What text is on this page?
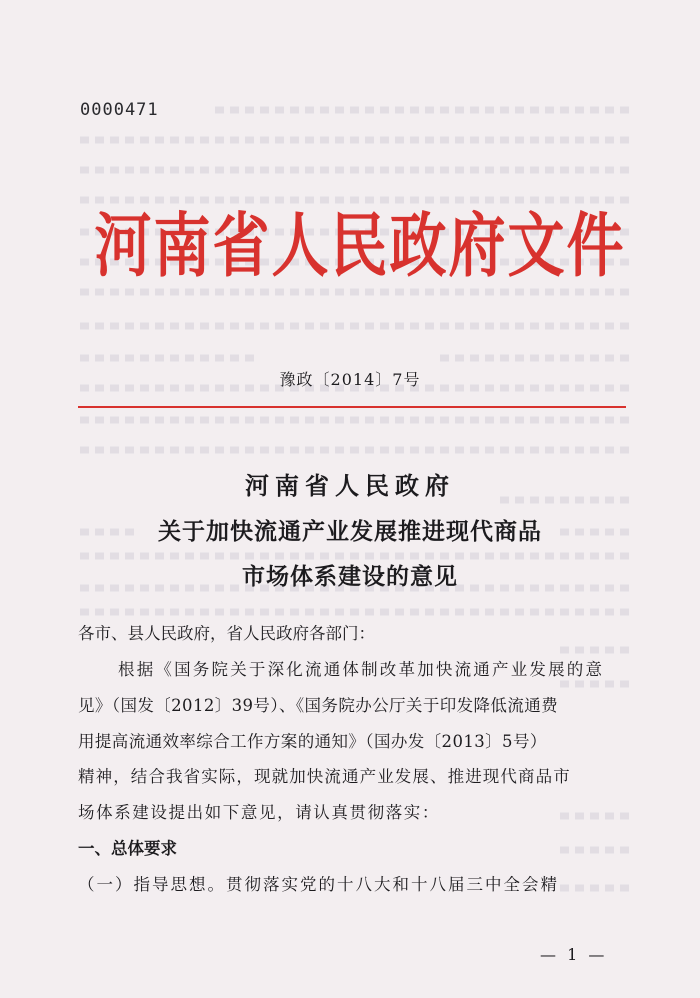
0000471
河南省人民政府文件
豫政〔2014〕7号
河南省人民政府
关于加快流通产业发展推进现代商品
市场体系建设的意见
各市、县人民政府，省人民政府各部门：
根据《国务院关于深化流通体制改革加快流通产业发展的意
见》（国发〔2012〕39号）、《国务院办公厅关于印发降低流通费
用提高流通效率综合工作方案的通知》（国办发〔2013〕5号）
精神，结合我省实际，现就加快流通产业发展、推进现代商品市
场体系建设提出如下意见，请认真贯彻落实：
一、总体要求
（一）指导思想。贯彻落实党的十八大和十八届三中全会精
— 1 —
